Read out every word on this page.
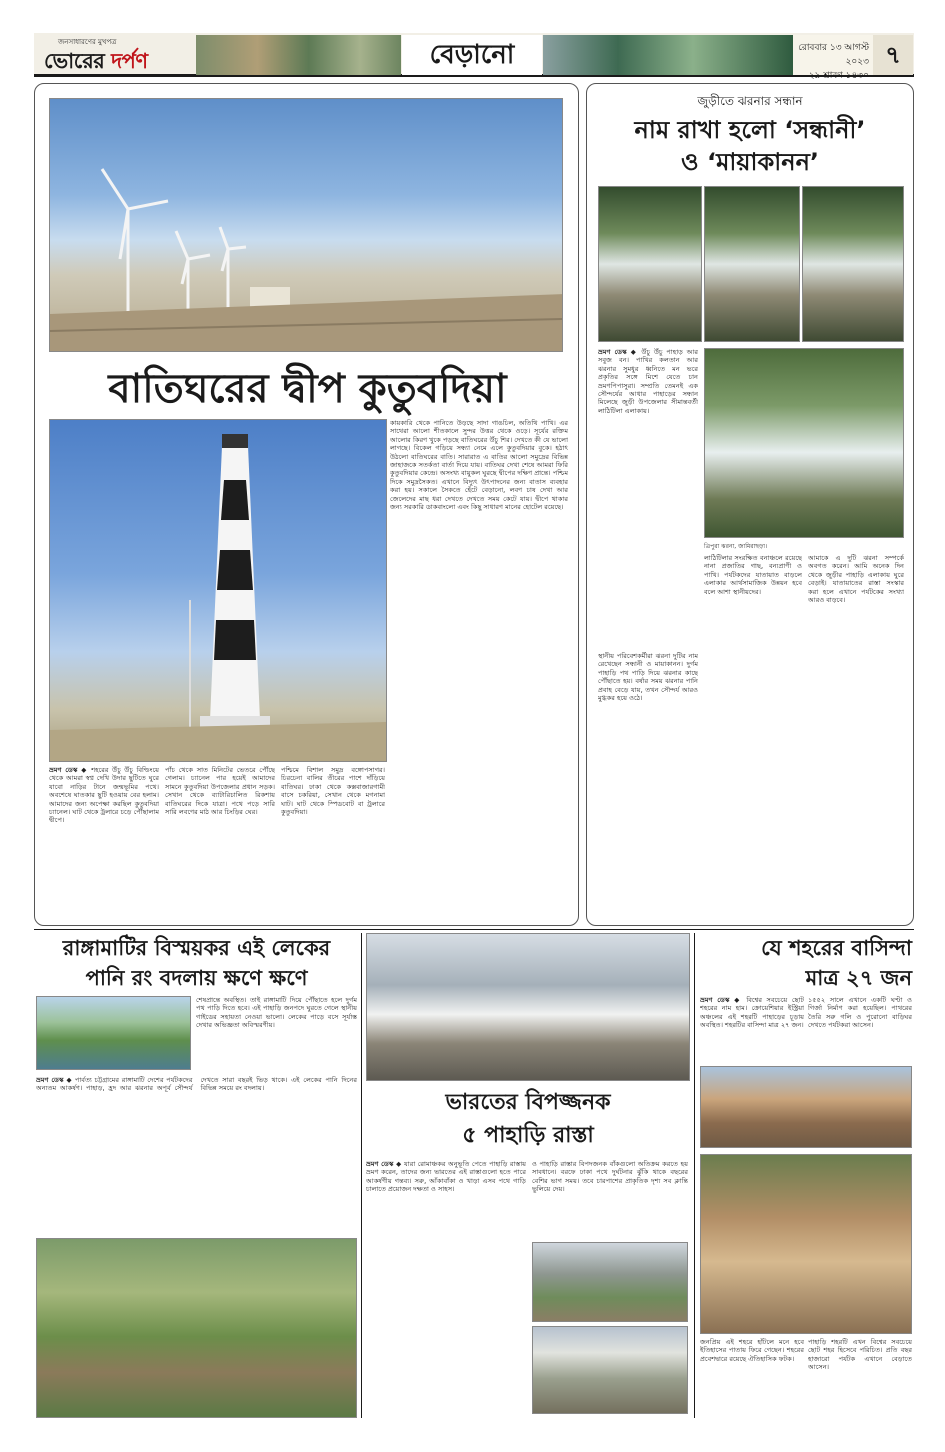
জনসাধারণের মুখপত্র
ভোরের দর্পণ	বেড়ানো	রোববার ১৩ আগস্ট ২০২৩
২৯ শ্রাবণ ১৪৩০
৭
বাতিঘরের দ্বীপ কুতুবদিয়া
কায়কারি থেকে পানিতে উড়ছে সাদা গাঙচিল, অতিথি পাখি। এর সাথেরা আলো শীতকালে সুন্দর উত্তর থেকে ওড়ে। সূর্যের রক্তিম আলোর কিরণ খুকে পড়ছে বাতিঘরের উঁচু শির। দেখতে কী যে ভালো লাগছে। বিকেল গড়িয়ে সন্ধ্যা নেমে এলে কুতুবদিয়ার বুকে। হঠাৎ উঠলো বাতিঘরের বাতি। সারারাত এ বাতির আলো সমুদ্রের বিভিন্ন জাহাজকে সতর্কতা বার্তা দিয়ে যায়। বাতিঘর দেখা শেষে আমরা ফিরি কুতুবদিয়ার কেন্দ্রে। অসংখ্য বায়ুকল ঘুরছে দ্বীপের দক্ষিণ প্রান্তে। পশ্চিম দিকে সমুদ্রসৈকত। এখানে বিদ্যুৎ উৎপাদনের জন্য বাতাস ব্যবহার করা হয়। সকালে সৈকতে হেঁটে বেড়ানো, লবণ চাষ দেখা আর জেলেদের মাছ ধরা দেখতে দেখতে সময় কেটে যায়। দ্বীপে থাকার জন্য সরকারি ডাকবাংলো এবং কিছু সাধারণ মানের হোটেল রয়েছে।
ভ্রমণ ডেস্ক ◆ শহরের উঁচু উঁচু বিল্ডিংয়ে থেকে আমরা স্বপ্ন দেখি উদার ছুটিতে ঘুরে যাবো নাড়ির টানে জন্মভূমির পথে। অবশেষে ঘাতকার ছুটি হওয়ায় বের হলাম। আমাদের জন্য অপেক্ষা করছিল কুতুবদিয়া চ্যানেল। ঘাট থেকে ট্রলারে চড়ে পৌঁছালাম দ্বীপে।
পাঁচ থেকে সাত মিনিটের ভেতরে পৌঁছে গেলাম। চ্যানেল পার হয়েই আমাদের সামনে কুতুবদিয়া উপজেলার প্রধান সড়ক। সেখান থেকে ব্যাটারিচালিত রিকশায় বাতিঘরের দিকে যাত্রা। পথে পড়ে সারি সারি লবণের মাঠ আর চিংড়ির ঘের।
পশ্চিমে বিশাল সমুদ্র বঙ্গোপসাগর। চিরচেনা বালির তীরের পাশে দাঁড়িয়ে বাতিঘর। ঢাকা থেকে কক্সবাজারগামী বাসে চকরিয়া, সেখান থেকে মগনামা ঘাট। ঘাট থেকে স্পিডবোট বা ট্রলারে কুতুবদিয়া।
জুড়ীতে ঝরনার সন্ধান
নাম রাখা হলো ‘সন্ধানী’
ও ‘মায়াকানন’
ভ্রমণ ডেস্ক ◆ উঁচু উঁচু পাহাড় আর সবুজ বন। পাখির কলতান আর ঝরনার সুমধুর ধ্বনিতে মন ভরে প্রকৃতির সঙ্গে মিশে যেতে চান ভ্রমণপিপাসুরা। সম্প্রতি তেমনই এক সৌন্দর্যের আধার পাহাড়ের সন্ধান মিলেছে জুড়ী উপজেলার সীমান্তবর্তী লাঠিটিলা এলাকায়।
ত্রিপুরা ঝরনা, জামিরাছড়া।
স্থানীয় পরিবেশকর্মীরা ঝরনা দুটির নাম রেখেছেন সন্ধানী ও মায়াকানন। দুর্গম পাহাড়ি পথ পাড়ি দিয়ে ঝরনার কাছে পৌঁছাতে হয়। বর্ষার সময় ঝরনার পানি প্রবাহ বেড়ে যায়, তখন সৌন্দর্য আরও মুগ্ধকর হয়ে ওঠে।
লাঠিটিলার সংরক্ষিত বনাঞ্চলে রয়েছে নানা প্রজাতির গাছ, বন্যপ্রাণী ও পাখি। পর্যটকদের যাতায়াত বাড়লে এলাকার আর্থসামাজিক উন্নয়ন হবে বলে আশা স্থানীয়দের।
আমাকে এ দুটি ঝরনা সম্পর্কে অবগত করেন। আমি অনেক দিন থেকে জুড়ীর পাহাড়ি এলাকায় ঘুরে বেড়াই। যাতায়াতের রাস্তা সংস্কার করা হলে এখানে পর্যটকের সংখ্যা আরও বাড়বে।
রাঙ্গামাটির বিস্ময়কর এই লেকের
পানি রং বদলায় ক্ষণে ক্ষণে
শেষপ্রান্তে অবস্থিত। তাই রাঙ্গামাটি দিয়ে পৌঁছাতে হলে দুর্গম পথ পাড়ি দিতে হবে। এই পাহাড়ি জনপদে ঘুরতে গেলে স্থানীয় গাইডের সহায়তা নেওয়া ভালো। লেকের পাড়ে বসে সূর্যাস্ত দেখার অভিজ্ঞতা অবিস্মরণীয়।
ভ্রমণ ডেস্ক ◆ পার্বত্য চট্টগ্রামের রাঙ্গামাটি দেশের পর্যটকদের অন্যতম আকর্ষণ। পাহাড়, হ্রদ আর ঝরনার অপূর্ব সৌন্দর্য দেখতে সারা বছরই ভিড় থাকে। এই লেকের পানি দিনের বিভিন্ন সময়ে রং বদলায়।
ভারতের বিপজ্জনক
৫ পাহাড়ি রাস্তা
ভ্রমণ ডেস্ক ◆ যারা রোমাঞ্চকর অনুভূতি পেতে পাহাড়ি রাস্তায় ভ্রমণ করেন, তাদের জন্য ভারতের এই রাস্তাগুলো হতে পারে আকর্ষণীয় গন্তব্য। সরু, আঁকাবাঁকা ও খাড়া এসব পথে গাড়ি চালাতে প্রয়োজন দক্ষতা ও সাহস।
ও পাহাড়ি রাস্তার বিপদজনক বাঁকগুলো অতিক্রম করতে হয় সাবধানে। বরফে ঢাকা পথে দুর্ঘটনার ঝুঁকি থাকে বছরের বেশির ভাগ সময়। তবে চারপাশের প্রাকৃতিক দৃশ্য সব ক্লান্তি ভুলিয়ে দেয়।
যে শহরের বাসিন্দা
মাত্র ২৭ জন
ভ্রমণ ডেস্ক ◆ বিশ্বের সবচেয়ে ছোট শহরের নাম হাম। ক্রোয়েশিয়ার ইস্ট্রিয়া অঞ্চলের এই শহরটি পাহাড়ের চূড়ায় অবস্থিত। শহরটির বাসিন্দা মাত্র ২৭ জন।
১৫৫২ সালে এখানে একটি ঘণ্টা ও গির্জা নির্মাণ করা হয়েছিল। পাথরের তৈরি সরু গলি ও পুরোনো বাড়িঘর দেখতে পর্যটকরা আসেন।
জনপ্রিয় এই শহরে হাঁটলে মনে হবে ইতিহাসের পাতায় ফিরে গেছেন। শহরের প্রবেশদ্বারে রয়েছে ঐতিহাসিক ফটক।
পাহাড়ি শহরটি এখন বিশ্বের সবচেয়ে ছোট শহর হিসেবে পরিচিত। প্রতি বছর হাজারো পর্যটক এখানে বেড়াতে আসেন।
